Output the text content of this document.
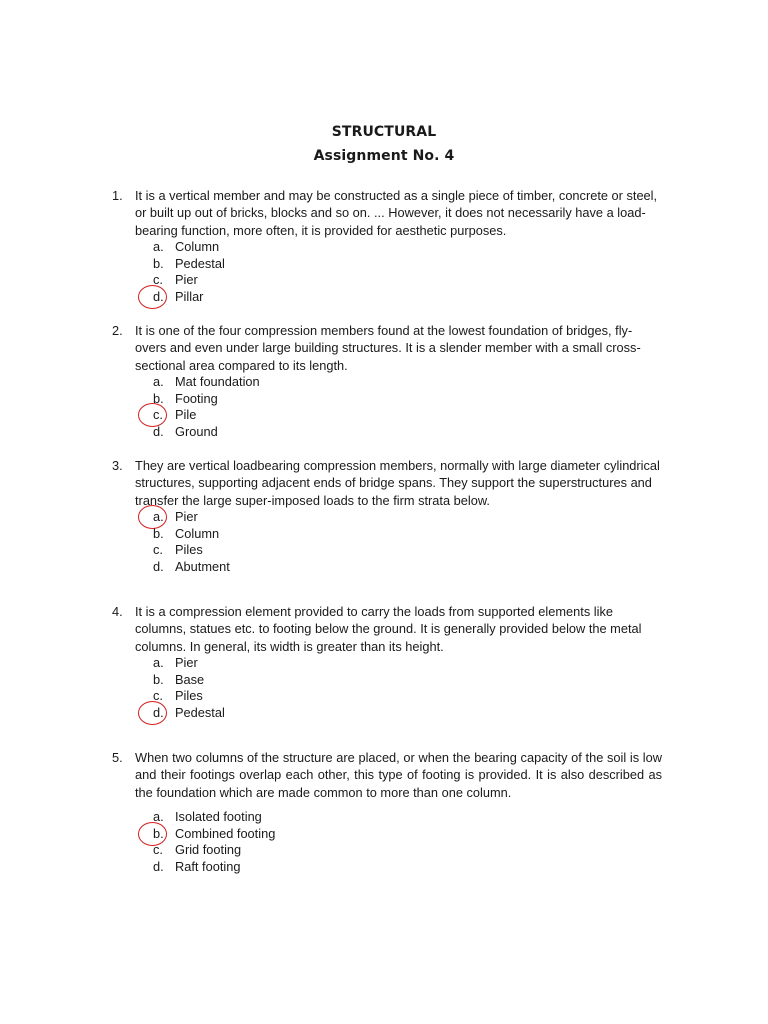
STRUCTURAL
Assignment No. 4
1. It is a vertical member and may be constructed as a single piece of timber, concrete or steel, or built up out of bricks, blocks and so on. ... However, it does not necessarily have a load-bearing function, more often, it is provided for aesthetic purposes.
a. Column
b. Pedestal
c. Pier
d. Pillar
2. It is one of the four compression members found at the lowest foundation of bridges, fly-overs and even under large building structures. It is a slender member with a small cross-sectional area compared to its length.
a. Mat foundation
b. Footing
c. Pile
d. Ground
3. They are vertical loadbearing compression members, normally with large diameter cylindrical structures, supporting adjacent ends of bridge spans. They support the superstructures and transfer the large super-imposed loads to the firm strata below.
a. Pier
b. Column
c. Piles
d. Abutment
4. It is a compression element provided to carry the loads from supported elements like columns, statues etc. to footing below the ground. It is generally provided below the metal columns. In general, its width is greater than its height.
a. Pier
b. Base
c. Piles
d. Pedestal
5. When two columns of the structure are placed, or when the bearing capacity of the soil is low and their footings overlap each other, this type of footing is provided. It is also described as the foundation which are made common to more than one column.
a. Isolated footing
b. Combined footing
c. Grid footing
d. Raft footing
